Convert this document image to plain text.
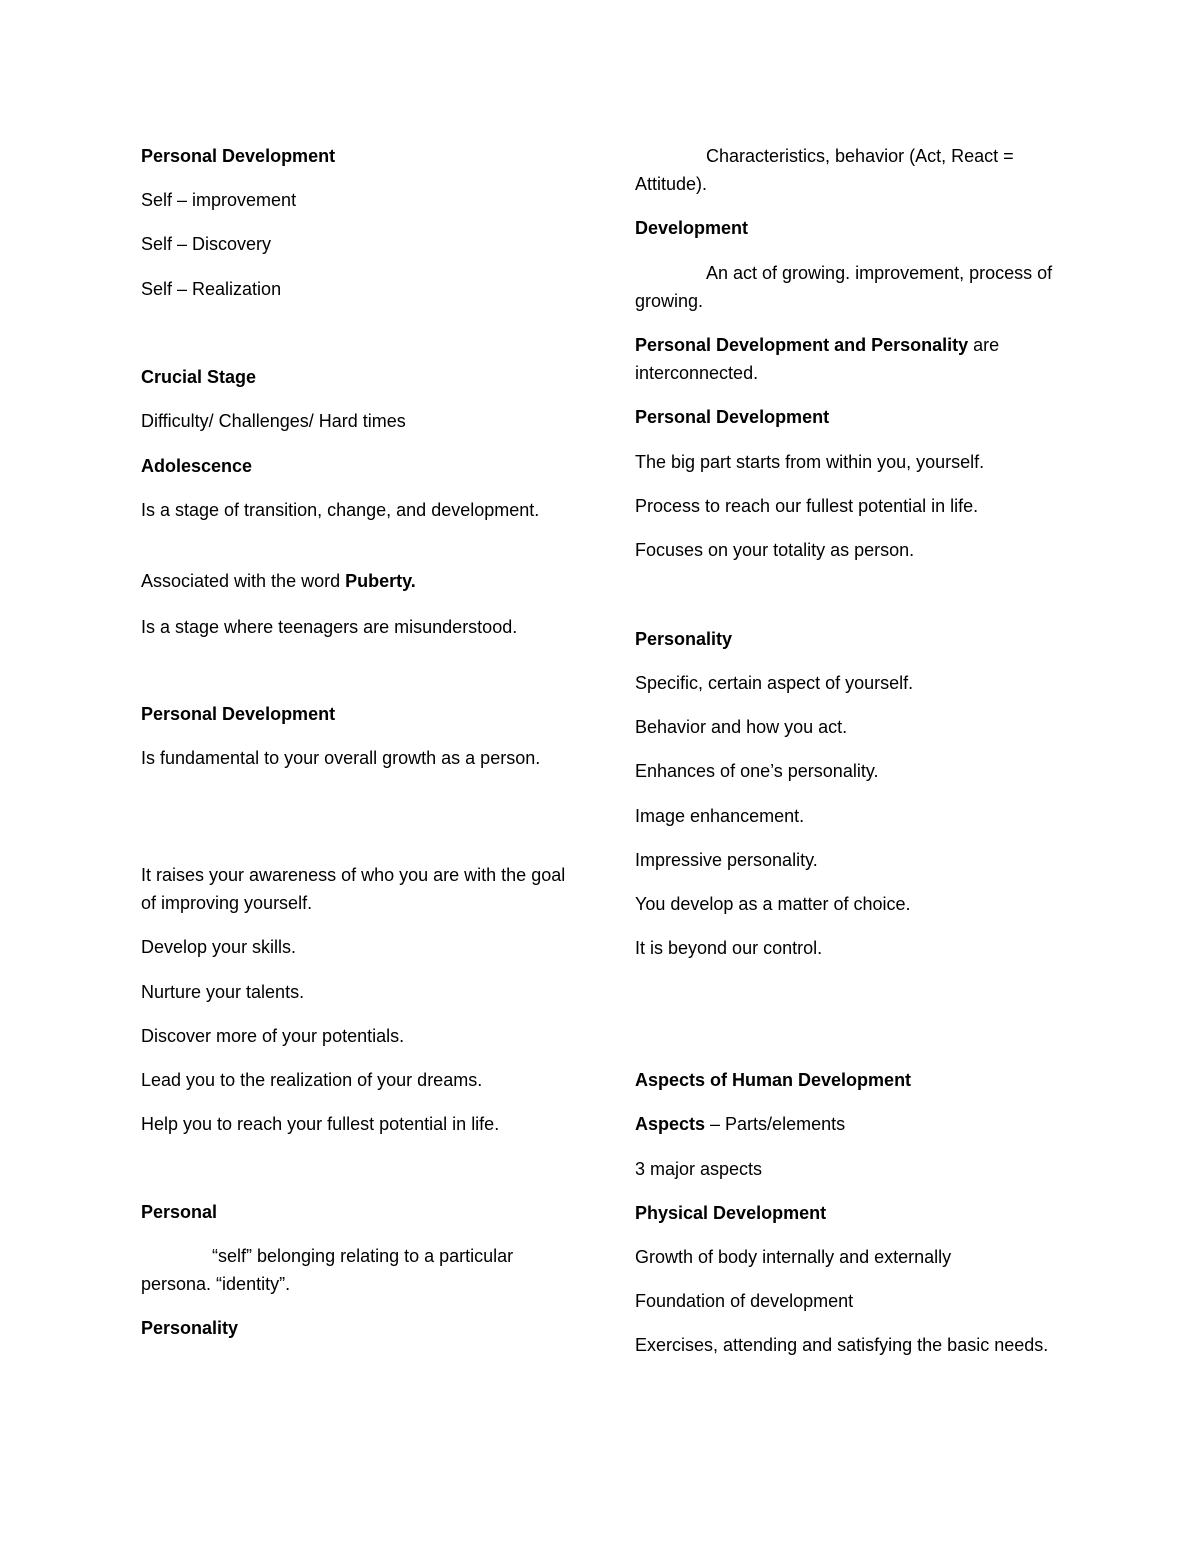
Personal Development

Self – improvement

Self – Discovery

Self – Realization

Crucial Stage

Difficulty/ Challenges/ Hard times

Adolescence

Is a stage of transition, change, and development.

Associated with the word Puberty.

Is a stage where teenagers are misunderstood.

Personal Development

Is fundamental to your overall growth as a person.

It raises your awareness of who you are with the goal of improving yourself.

Develop your skills.

Nurture your talents.

Discover more of your potentials.

Lead you to the realization of your dreams.

Help you to reach your fullest potential in life.

Personal

“self” belonging relating to a particular persona. “identity”.

Personality

Characteristics, behavior (Act, React = Attitude).

Development

An act of growing. improvement, process of growing.

Personal Development and Personality are interconnected.

Personal Development

The big part starts from within you, yourself.

Process to reach our fullest potential in life.

Focuses on your totality as person.

Personality

Specific, certain aspect of yourself.

Behavior and how you act.

Enhances of one’s personality.

Image enhancement.

Impressive personality.

You develop as a matter of choice.

It is beyond our control.

Aspects of Human Development

Aspects – Parts/elements

3 major aspects

Physical Development

Growth of body internally and externally

Foundation of development

Exercises, attending and satisfying the basic needs.
